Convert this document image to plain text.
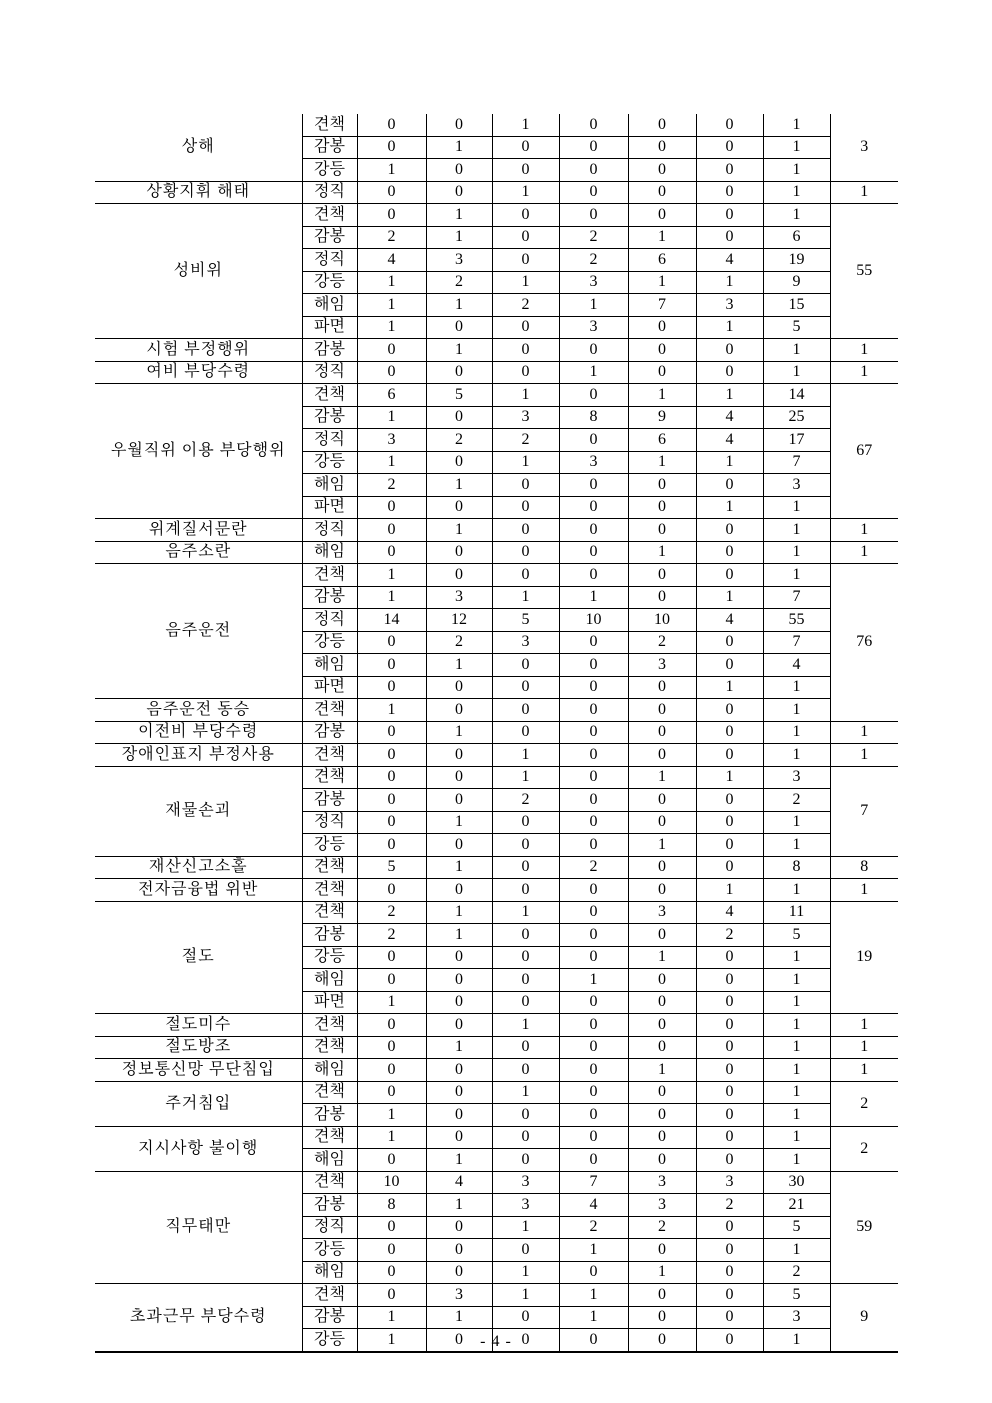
상해	견책	0	0	1	0	0	0	1	3
	감봉	0	1	0	0	0	0	1	
	강등	1	0	0	0	0	0	1	
상황지휘 해태	정직	0	0	1	0	0	0	1	1
성비위	견책	0	1	0	0	0	0	1	55
	감봉	2	1	0	2	1	0	6	
	정직	4	3	0	2	6	4	19	
	강등	1	2	1	3	1	1	9	
	해임	1	1	2	1	7	3	15	
	파면	1	0	0	3	0	1	5	
시험 부정행위	감봉	0	1	0	0	0	0	1	1
여비 부당수령	정직	0	0	0	1	0	0	1	1
우월직위 이용 부당행위	견책	6	5	1	0	1	1	14	67
	감봉	1	0	3	8	9	4	25	
	정직	3	2	2	0	6	4	17	
	강등	1	0	1	3	1	1	7	
	해임	2	1	0	0	0	0	3	
	파면	0	0	0	0	0	1	1	
위계질서문란	정직	0	1	0	0	0	0	1	1
음주소란	해임	0	0	0	0	1	0	1	1
음주운전	견책	1	0	0	0	0	0	1	76
	감봉	1	3	1	1	0	1	7	
	정직	14	12	5	10	10	4	55	
	강등	0	2	3	0	2	0	7	
	해임	0	1	0	0	3	0	4	
	파면	0	0	0	0	0	1	1	
음주운전 동승	견책	1	0	0	0	0	0	1	
이전비 부당수령	감봉	0	1	0	0	0	0	1	1
장애인표지 부정사용	견책	0	0	1	0	0	0	1	1
재물손괴	견책	0	0	1	0	1	1	3	7
	감봉	0	0	2	0	0	0	2	
	정직	0	1	0	0	0	0	1	
	강등	0	0	0	0	1	0	1	
재산신고소홀	견책	5	1	0	2	0	0	8	8
전자금융법 위반	견책	0	0	0	0	0	1	1	1
절도	견책	2	1	1	0	3	4	11	19
	감봉	2	1	0	0	0	2	5	
	강등	0	0	0	0	1	0	1	
	해임	0	0	0	1	0	0	1	
	파면	1	0	0	0	0	0	1	
절도미수	견책	0	0	1	0	0	0	1	1
절도방조	견책	0	1	0	0	0	0	1	1
정보통신망 무단침입	해임	0	0	0	0	1	0	1	1
주거침입	견책	0	0	1	0	0	0	1	2
	감봉	1	0	0	0	0	0	1	
지시사항 불이행	견책	1	0	0	0	0	0	1	2
	해임	0	1	0	0	0	0	1	
직무태만	견책	10	4	3	7	3	3	30	59
	감봉	8	1	3	4	3	2	21	
	정직	0	0	1	2	2	0	5	
	강등	0	0	0	1	0	0	1	
	해임	0	0	1	0	1	0	2	
초과근무 부당수령	견책	0	3	1	1	0	0	5	9
	감봉	1	1	0	1	0	0	3	
	강등	1	0	0	0	0	0	1	
- 4 -
